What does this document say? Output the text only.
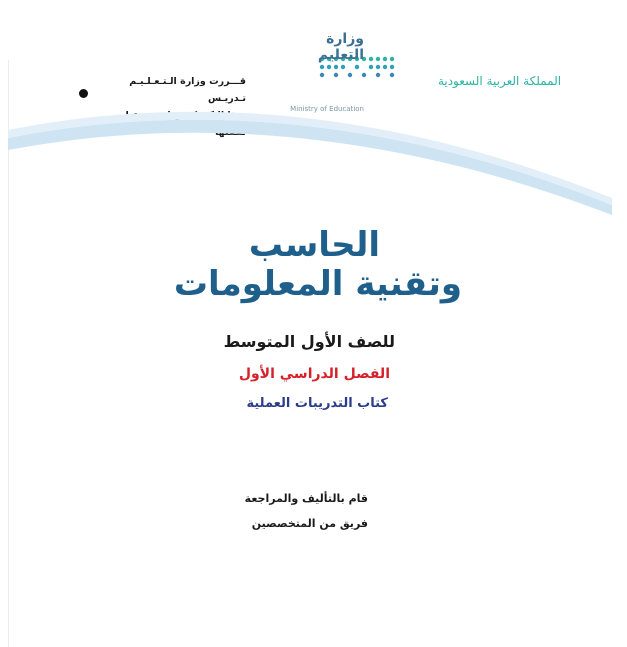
المملكة العربية السعودية
وزارة التعليم
Ministry of Education
قـــررت وزارة الـتـعـلـيـم تـدريـس
الحاسب
وتقنية المعلومات
للصف الأول المتوسط
الفصل الدراسي الأول
كتاب التدريبات العملية
قام بالتأليف والمراجعة
فريق من المتخصصين
